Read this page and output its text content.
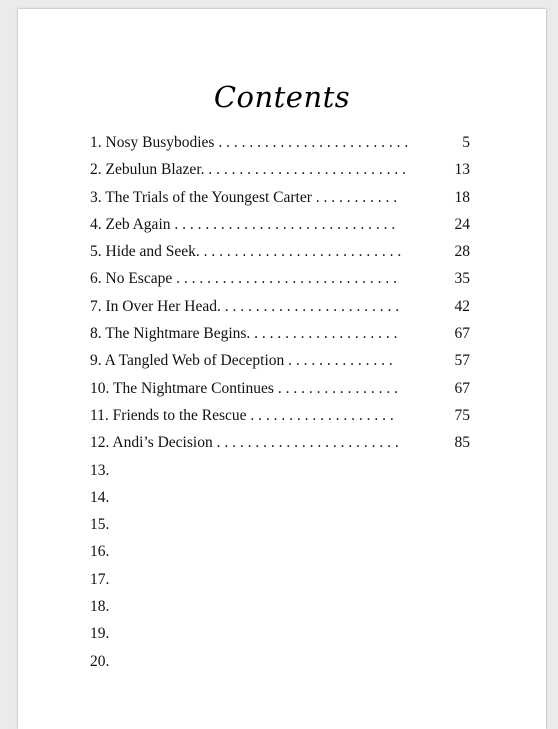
Contents
1. Nosy Busybodies . . . . . . . . . . . . . . . . . . . . . . . . .	5
2. Zebulun Blazer. . . . . . . . . . . . . . . . . . . . . . . . . . .	13
3. The Trials of the Youngest Carter . . . . . . . . . . .	18
4. Zeb Again . . . . . . . . . . . . . . . . . . . . . . . . . . . . .	24
5. Hide and Seek. . . . . . . . . . . . . . . . . . . . . . . . . . .	28
6. No Escape . . . . . . . . . . . . . . . . . . . . . . . . . . . . .	35
7. In Over Her Head. . . . . . . . . . . . . . . . . . . . . . . .	42
8. The Nightmare Begins. . . . . . . . . . . . . . . . . . . .	67
9. A Tangled Web of Deception . . . . . . . . . . . . . .	57
10. The Nightmare Continues . . . . . . . . . . . . . . . .	67
11. Friends to the Rescue . . . . . . . . . . . . . . . . . . .	75
12. Andi’s Decision . . . . . . . . . . . . . . . . . . . . . . . .	85
13.
14.
15.
16.
17.
18.
19.
20.
